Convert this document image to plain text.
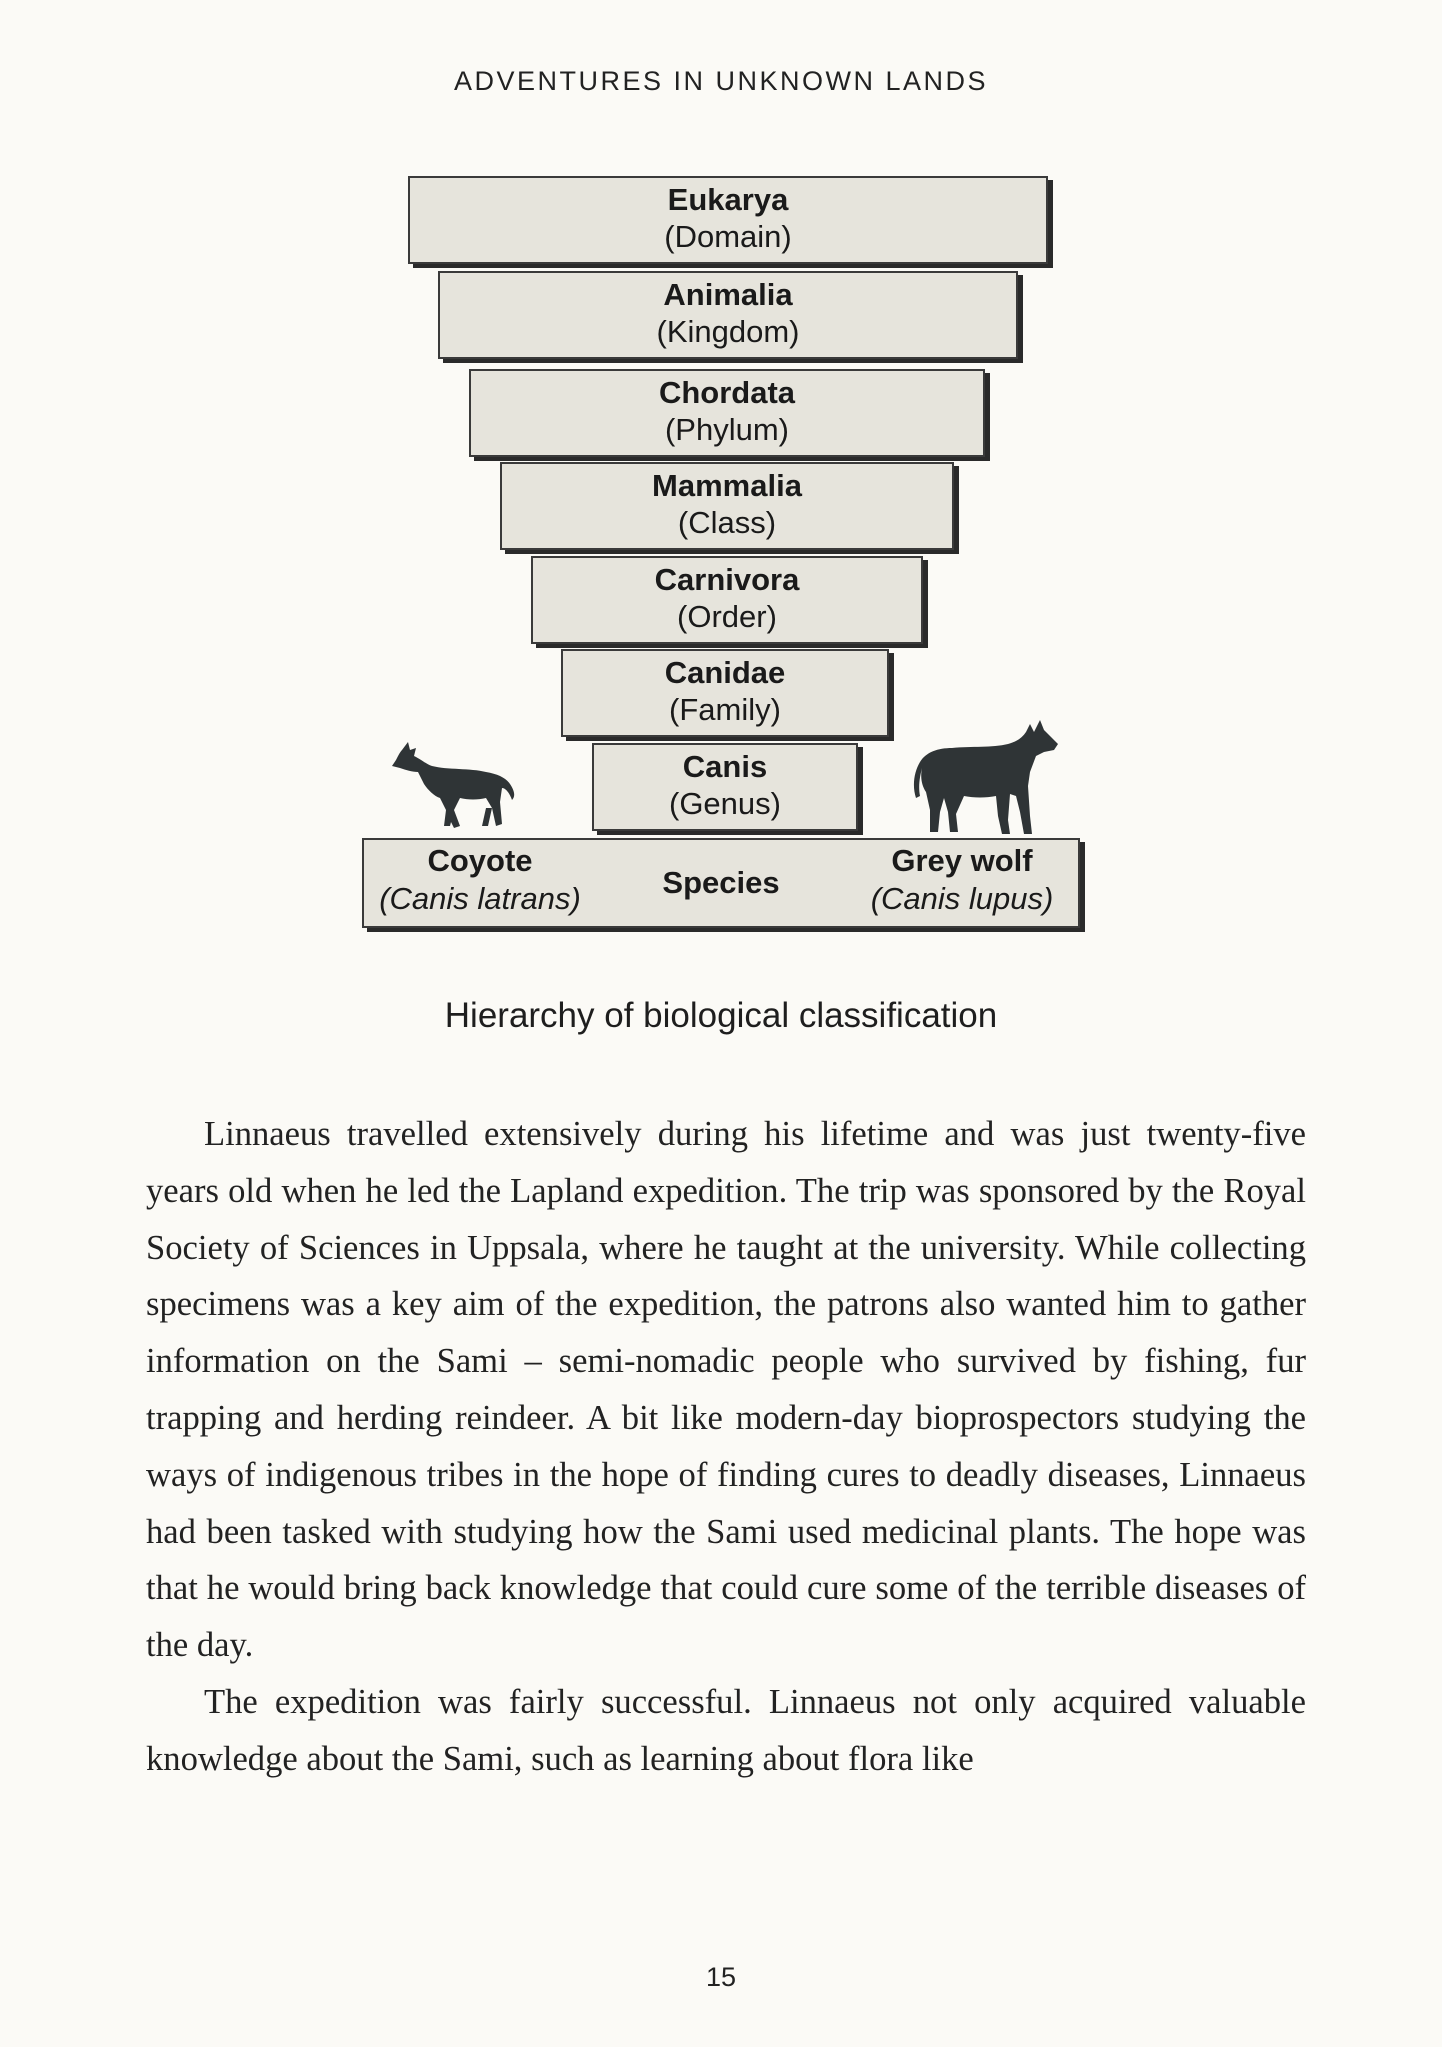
ADVENTURES IN UNKNOWN LANDS
Eukarya
(Domain)
Animalia
(Kingdom)
Chordata
(Phylum)
Mammalia
(Class)
Carnivora
(Order)
Canidae
(Family)
Canis
(Genus)
Coyote
(Canis latrans)	Species
Grey wolf
(Canis lupus)
Hierarchy of biological classification

Linnaeus travelled extensively during his lifetime and was just twenty-five years old when he led the Lapland expedition. The trip was sponsored by the Royal Society of Sciences in Uppsala, where he taught at the university. While collecting specimens was a key aim of the expedition, the patrons also wanted him to gather information on the Sami – semi-nomadic people who survived by fishing, fur trapping and herding reindeer. A bit like modern-day bioprospectors studying the ways of indigenous tribes in the hope of finding cures to deadly diseases, Linnaeus had been tasked with studying how the Sami used medicinal plants. The hope was that he would bring back knowledge that could cure some of the terrible diseases of the day.

The expedition was fairly successful. Linnaeus not only acquired valuable knowledge about the Sami, such as learning about flora like

15
